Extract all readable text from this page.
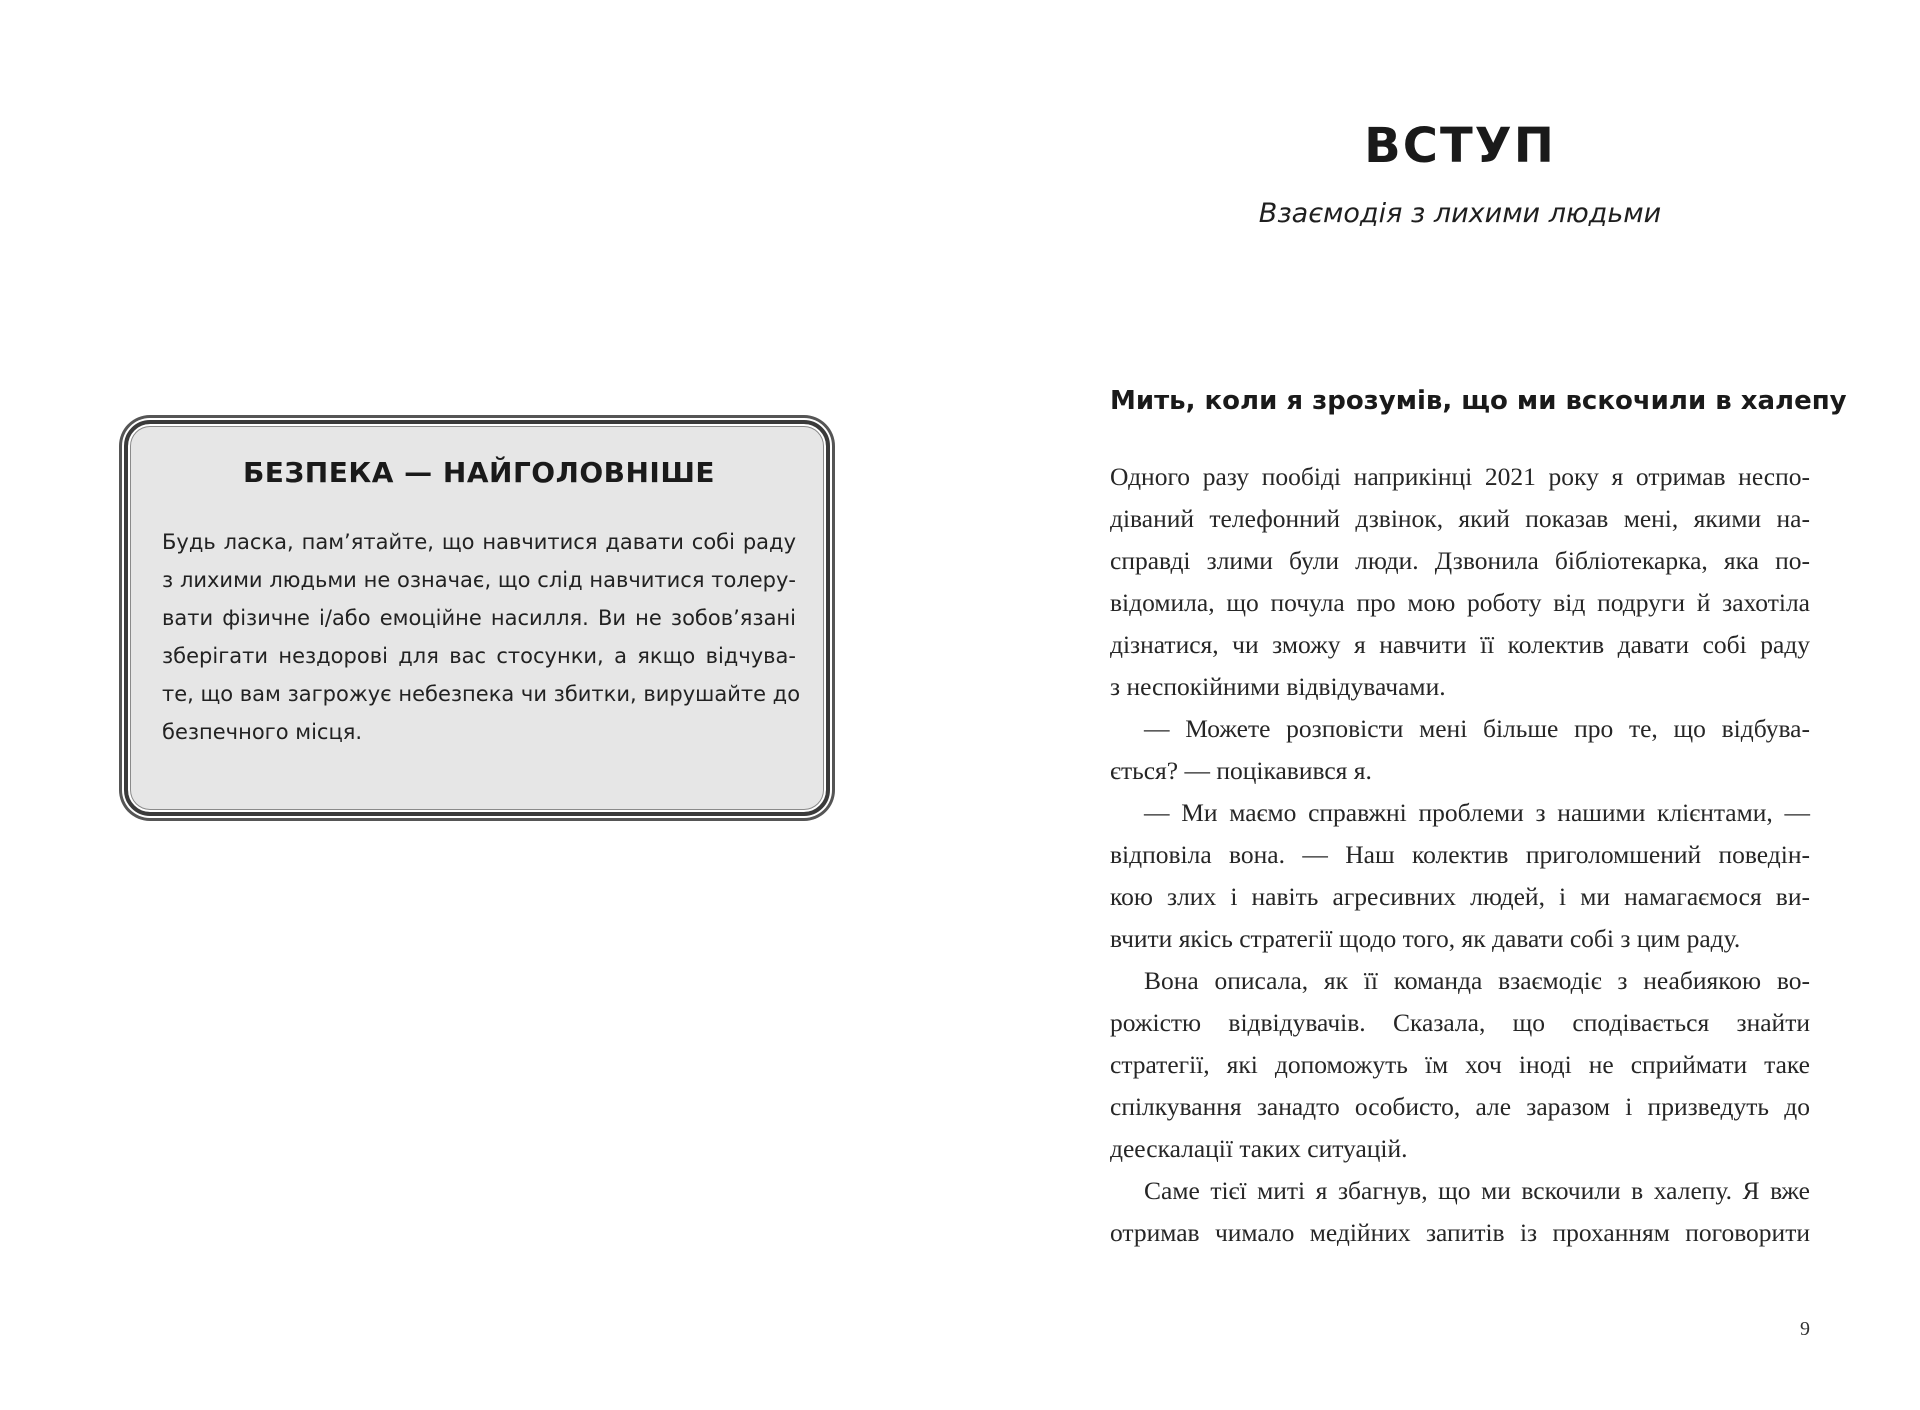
БЕЗПЕКА — НАЙГОЛОВНІШЕ

Будь ласка, пам’ятайте, що навчитися давати собі раду
з лихими людьми не означає, що слід навчитися толеру-
вати фізичне і/або емоційне насилля. Ви не зобов’язані
зберігати нездорові для вас стосунки, а якщо відчува-
те, що вам загрожує небезпека чи збитки, вирушайте до
безпечного місця.

ВСТУП

Взаємодія з лихими людьми

Мить, коли я зрозумів, що ми вскочили в халепу
Одного разу пообіді наприкінці 2021 року я отримав неспо-
діваний телефонний дзвінок, який показав мені, якими на-
справді злими були люди. Дзвонила бібліотекарка, яка по-
відомила, що почула про мою роботу від подруги й захотіла
дізнатися, чи зможу я навчити її колектив давати собі раду
з неспокійними відвідувачами.
— Можете розповісти мені більше про те, що відбува-
ється? — поцікавився я.
— Ми маємо справжні проблеми з нашими клієнтами, —
відповіла вона. — Наш колектив приголомшений поведін-
кою злих і навіть агресивних людей, і ми намагаємося ви-
вчити якісь стратегії щодо того, як давати собі з цим раду.
Вона описала, як її команда взаємодіє з неабиякою во-
рожістю відвідувачів. Сказала, що сподівається знайти
стратегії, які допоможуть їм хоч іноді не сприймати таке
спілкування занадто особисто, але заразом і призведуть до
деескалації таких ситуацій.
Саме тієї миті я збагнув, що ми вскочили в халепу. Я вже
отримав чимало медійних запитів із проханням поговорити

9
